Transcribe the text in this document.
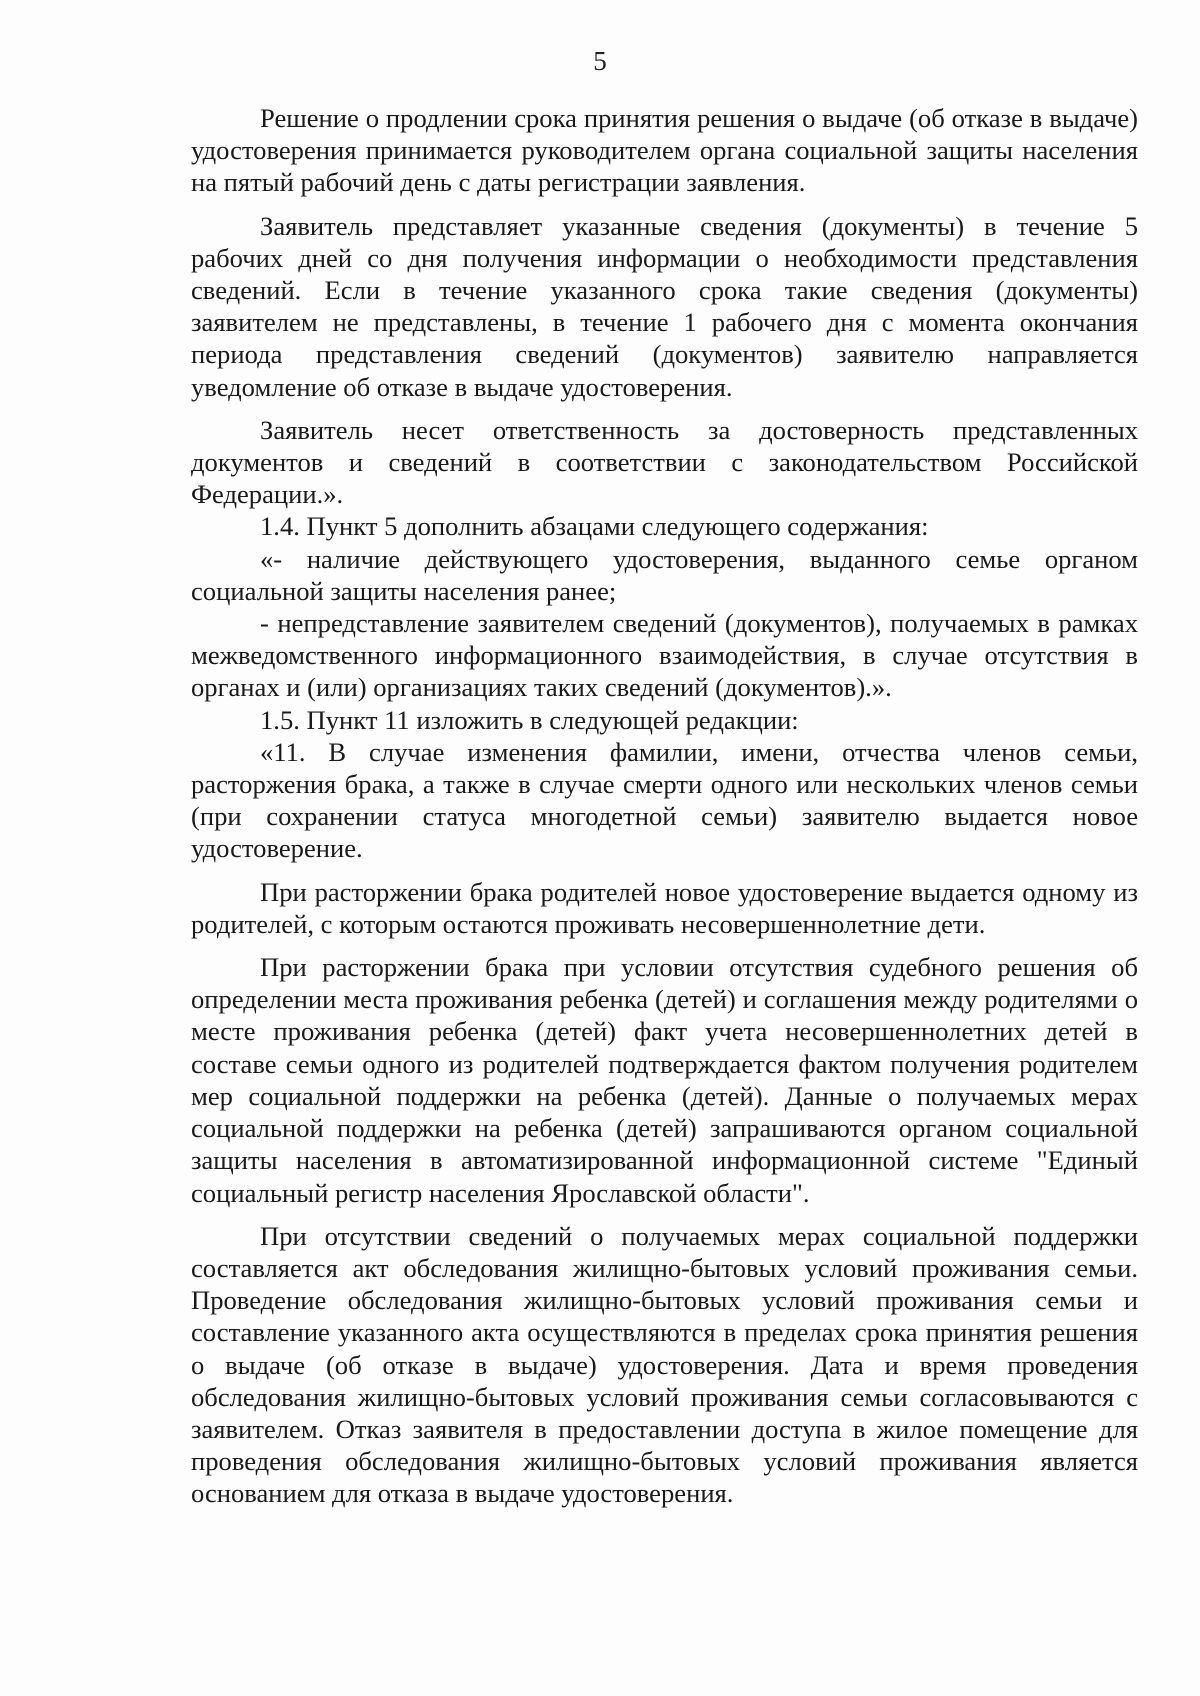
5

Решение о продлении срока принятия решения о выдаче (об отказе в выдаче) удостоверения принимается руководителем органа социальной защиты населения на пятый рабочий день с даты регистрации заявления.

Заявитель представляет указанные сведения (документы) в течение 5 рабочих дней со дня получения информации о необходимости представления сведений. Если в течение указанного срока такие сведения (документы) заявителем не представлены, в течение 1 рабочего дня с момента окончания периода представления сведений (документов) заявителю направляется уведомление об отказе в выдаче удостоверения.

Заявитель несет ответственность за достоверность представленных документов и сведений в соответствии с законодательством Российской Федерации.».

1.4. Пункт 5 дополнить абзацами следующего содержания:

«- наличие действующего удостоверения, выданного семье органом социальной защиты населения ранее;

- непредставление заявителем сведений (документов), получаемых в рамках межведомственного информационного взаимодействия, в случае отсутствия в органах и (или) организациях таких сведений (документов).».

1.5. Пункт 11 изложить в следующей редакции:

«11. В случае изменения фамилии, имени, отчества членов семьи, расторжения брака, а также в случае смерти одного или нескольких членов семьи (при сохранении статуса многодетной семьи) заявителю выдается новое удостоверение.

При расторжении брака родителей новое удостоверение выдается одному из родителей, с которым остаются проживать несовершеннолетние дети.

При расторжении брака при условии отсутствия судебного решения об определении места проживания ребенка (детей) и соглашения между родителями о месте проживания ребенка (детей) факт учета несовершеннолетних детей в составе семьи одного из родителей подтверждается фактом получения родителем мер социальной поддержки на ребенка (детей). Данные о получаемых мерах социальной поддержки на ребенка (детей) запрашиваются органом социальной защиты населения в автоматизированной информационной системе "Единый социальный регистр населения Ярославской области".

При отсутствии сведений о получаемых мерах социальной поддержки составляется акт обследования жилищно-бытовых условий проживания семьи. Проведение обследования жилищно-бытовых условий проживания семьи и составление указанного акта осуществляются в пределах срока принятия решения о выдаче (об отказе в выдаче) удостоверения. Дата и время проведения обследования жилищно-бытовых условий проживания семьи согласовываются с заявителем. Отказ заявителя в предоставлении доступа в жилое помещение для проведения обследования жилищно-бытовых условий проживания является основанием для отказа в выдаче удостоверения.
